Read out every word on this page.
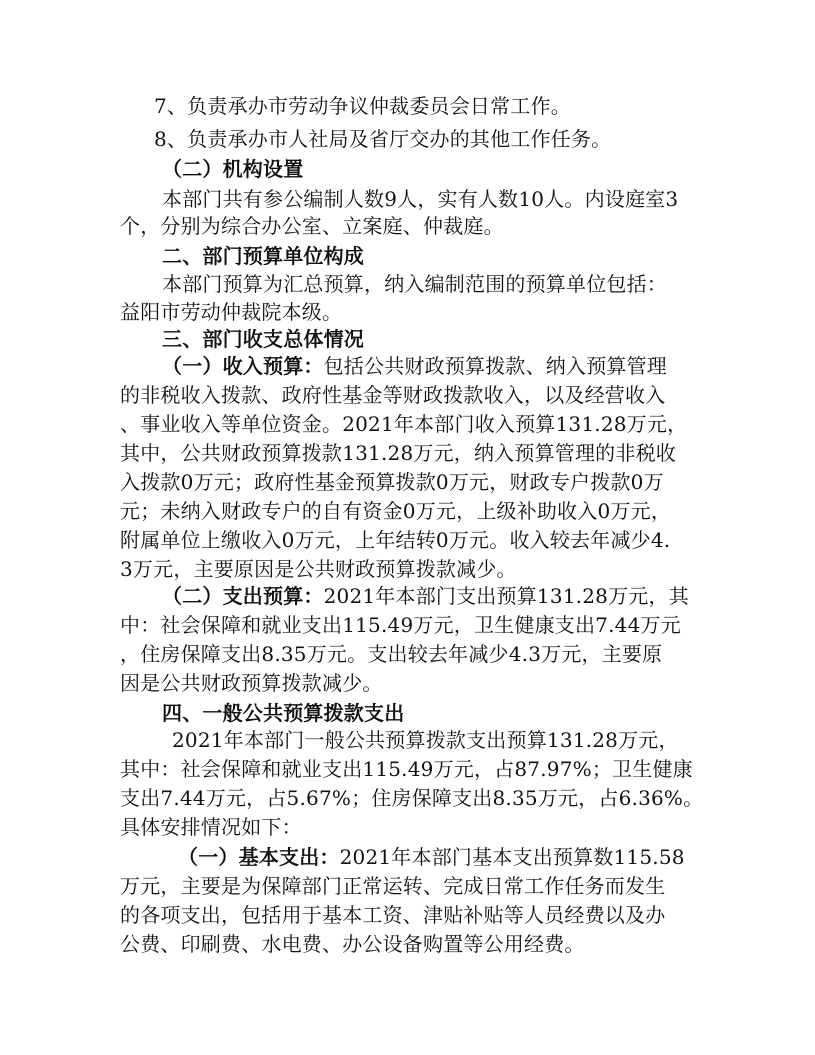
7、负责承办市劳动争议仲裁委员会日常工作。
8、负责承办市人社局及省厅交办的其他工作任务。
（二）机构设置
本部门共有参公编制人数9人，实有人数10人。内设庭室3
个，分别为综合办公室、立案庭、仲裁庭。
二、部门预算单位构成
本部门预算为汇总预算，纳入编制范围的预算单位包括：
益阳市劳动仲裁院本级。
三、部门收支总体情况
（一）收入预算：包括公共财政预算拨款、纳入预算管理
的非税收入拨款、政府性基金等财政拨款收入，以及经营收入
、事业收入等单位资金。2021年本部门收入预算131.28万元，
其中，公共财政预算拨款131.28万元，纳入预算管理的非税收
入拨款0万元；政府性基金预算拨款0万元，财政专户拨款0万
元；未纳入财政专户的自有资金0万元，上级补助收入0万元，
附属单位上缴收入0万元，上年结转0万元。收入较去年减少4.
3万元，主要原因是公共财政预算拨款减少。
（二）支出预算：2021年本部门支出预算131.28万元，其
中：社会保障和就业支出115.49万元，卫生健康支出7.44万元
，住房保障支出8.35万元。支出较去年减少4.3万元，主要原
因是公共财政预算拨款减少。
四、一般公共预算拨款支出
2021年本部门一般公共预算拨款支出预算131.28万元，
其中：社会保障和就业支出115.49万元，占87.97%；卫生健康
支出7.44万元，占5.67%；住房保障支出8.35万元，占6.36%。
具体安排情况如下：
（一）基本支出：2021年本部门基本支出预算数115.58
万元，主要是为保障部门正常运转、完成日常工作任务而发生
的各项支出，包括用于基本工资、津贴补贴等人员经费以及办
公费、印刷费、水电费、办公设备购置等公用经费。
